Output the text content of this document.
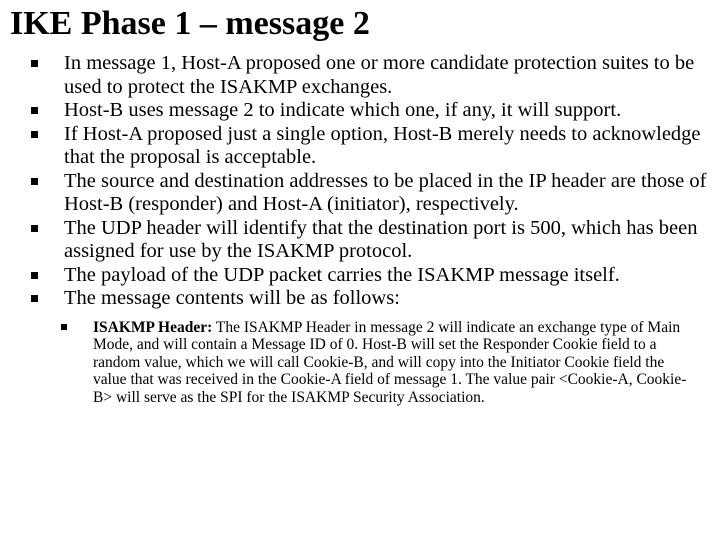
IKE Phase 1 – message 2
In message 1, Host-A proposed one or more candidate protection suites to be used to protect the ISAKMP exchanges.
Host-B uses message 2 to indicate which one, if any, it will support.
If Host-A proposed just a single option, Host-B merely needs to acknowledge that the proposal is acceptable.
The source and destination addresses to be placed in the IP header are those of Host-B (responder) and Host-A (initiator), respectively.
The UDP header will identify that the destination port is 500, which has been assigned for use by the ISAKMP protocol.
The payload of the UDP packet carries the ISAKMP message itself.
The message contents will be as follows:
ISAKMP Header: The ISAKMP Header in message 2 will indicate an exchange type of Main Mode, and will contain a Message ID of 0. Host-B will set the Responder Cookie field to a random value, which we will call Cookie-B, and will copy into the Initiator Cookie field the value that was received in the Cookie-A field of message 1. The value pair <Cookie-A, Cookie-B> will serve as the SPI for the ISAKMP Security Association.
